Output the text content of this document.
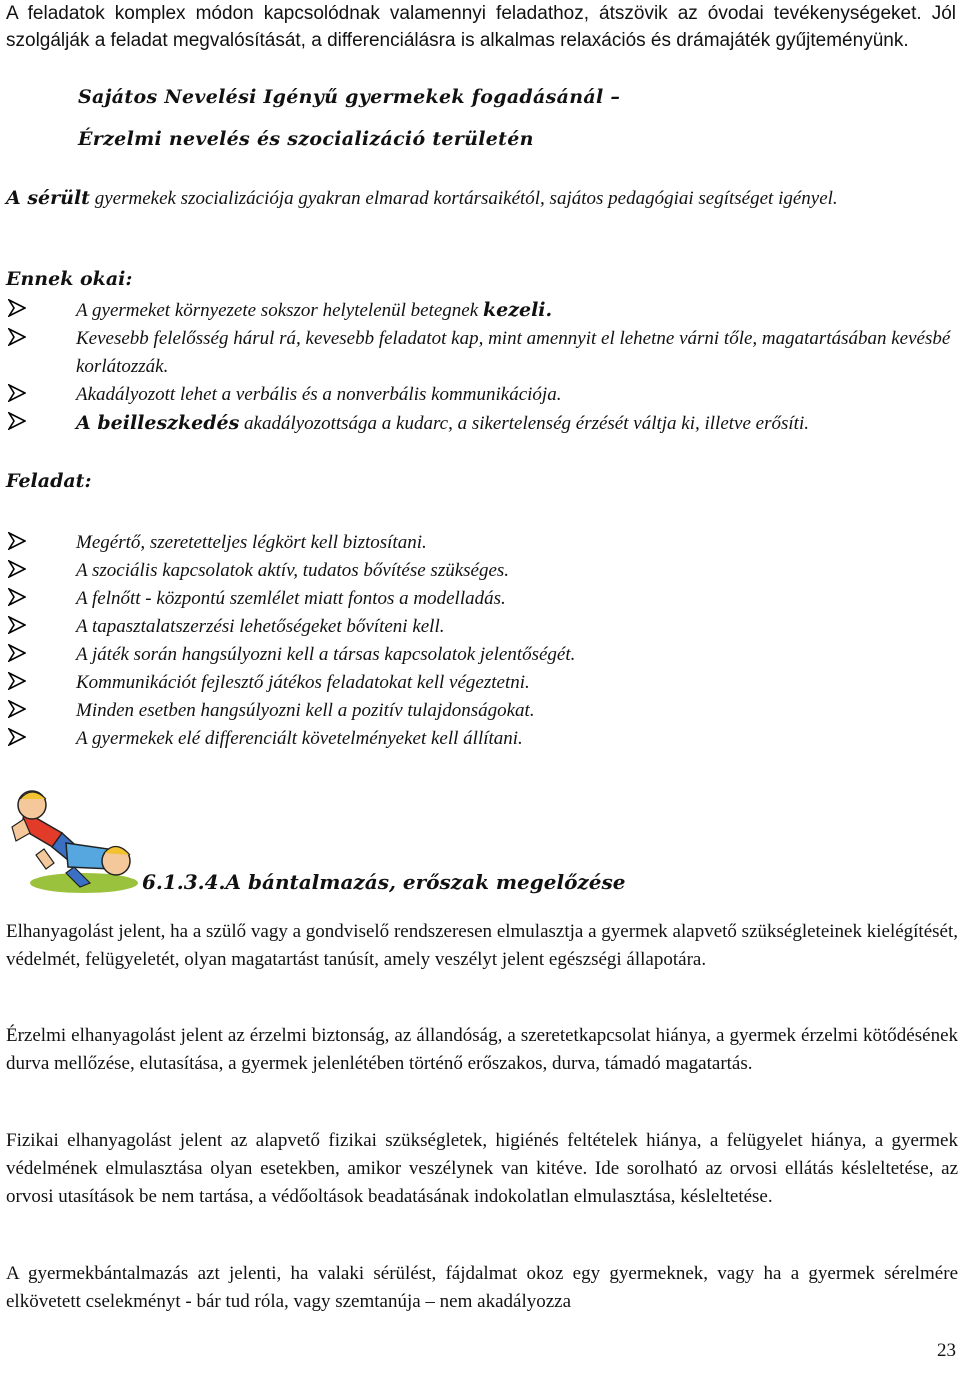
A feladatok komplex módon kapcsolódnak valamennyi feladathoz, átszövik az óvodai tevékenységeket. Jól szolgálják a feladat megvalósítását, a differenciálásra is alkalmas relaxációs és drámajáték gyűjteményünk.
Sajátos Nevelési Igényű gyermekek fogadásánál –
Érzelmi nevelés és szocializáció területén
A sérült gyermekek szocializációja gyakran elmarad kortársaikétól, sajátos pedagógiai segítséget igényel.
Ennek okai:
A gyermeket környezete sokszor helytelenül betegnek kezeli.
Kevesebb felelősség hárul rá, kevesebb feladatot kap, mint amennyit el lehetne várni tőle, magatartásában kevésbé korlátozzák.
Akadályozott lehet a verbális és a nonverbális kommunikációja.
A beilleszkedés akadályozottsága a kudarc, a sikertelenség érzését váltja ki, illetve erősíti.
Feladat:
Megértő, szeretetteljes légkört kell biztosítani.
A szociális kapcsolatok aktív, tudatos bővítése szükséges.
A felnőtt - központú szemlélet miatt fontos a modelladás.
A tapasztalatszerzési lehetőségeket bővíteni kell.
A játék során hangsúlyozni kell a társas kapcsolatok jelentőségét.
Kommunikációt fejlesztő játékos feladatokat kell végeztetni.
Minden esetben hangsúlyozni kell a pozitív tulajdonságokat.
A gyermekek elé differenciált követelményeket kell állítani.
6.1.3.4.A bántalmazás, erőszak megelőzése
Elhanyagolást jelent, ha a szülő vagy a gondviselő rendszeresen elmulasztja a gyermek alapvető szükségleteinek kielégítését, védelmét, felügyeletét, olyan magatartást tanúsít, amely veszélyt jelent egészségi állapotára.
Érzelmi elhanyagolást jelent az érzelmi biztonság, az állandóság, a szeretetkapcsolat hiánya, a gyermek érzelmi kötődésének durva mellőzése, elutasítása, a gyermek jelenlétében történő erőszakos, durva, támadó magatartás.
Fizikai elhanyagolást jelent az alapvető fizikai szükségletek, higiénés feltételek hiánya, a felügyelet hiánya, a gyermek védelmének elmulasztása olyan esetekben, amikor veszélynek van kitéve. Ide sorolható az orvosi ellátás késleltetése, az orvosi utasítások be nem tartása, a védőoltások beadatásának indokolatlan elmulasztása, késleltetése.
A gyermekbántalmazás azt jelenti, ha valaki sérülést, fájdalmat okoz egy gyermeknek, vagy ha a gyermek sérelmére elkövetett cselekményt - bár tud róla, vagy szemtanúja – nem akadályozza
23
